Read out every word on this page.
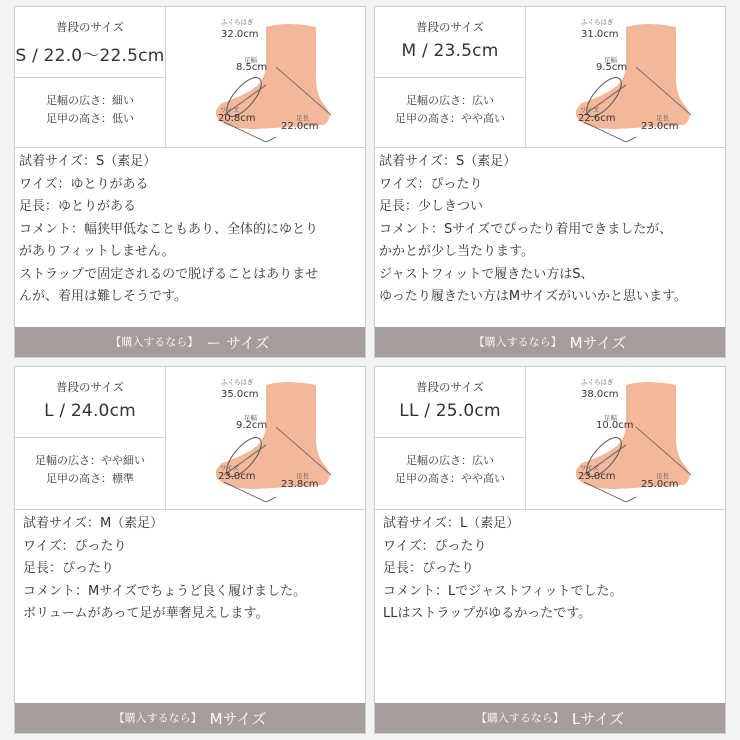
普段のサイズ
S / 22.0〜22.5cm
足幅の広さ：細い
足甲の高さ：低い
ふくらはぎ
32.0cm
足幅
8.5cm
ワイズ
20.8cm	足長
22.0cm
試着サイズ：S（素足）
ワイズ：ゆとりがある
足長：ゆとりがある
コメント：幅狭甲低なこともあり、全体的にゆとり
がありフィットしません。
ストラップで固定されるので脱げることはありませ
んが、着用は難しそうです。
【購入するなら】 ー サイズ
普段のサイズ
M / 23.5cm
足幅の広さ：広い
足甲の高さ：やや高い
ふくらはぎ
31.0cm
足幅
9.5cm
ワイズ
22.6cm	足長
23.0cm
試着サイズ：S（素足）
ワイズ：ぴったり
足長：少しきつい
コメント：Sサイズでぴったり着用できましたが、
かかとが少し当たります。
ジャストフィットで履きたい方はS、
ゆったり履きたい方はMサイズがいいかと思います。
【購入するなら】 Mサイズ
普段のサイズ
L / 24.0cm
足幅の広さ：やや細い
足甲の高さ：標準
ふくらはぎ
35.0cm
足幅
9.2cm
ワイズ
23.0cm	足長
23.8cm
試着サイズ：M（素足）
ワイズ：ぴったり
足長：ぴったり
コメント：Mサイズでちょうど良く履けました。
ボリュームがあって足が華奢見えします。
【購入するなら】 Mサイズ
普段のサイズ
LL / 25.0cm
足幅の広さ：広い
足甲の高さ：やや高い
ふくらはぎ
38.0cm
足幅
10.0cm
ワイズ
23.0cm	足長
25.0cm
試着サイズ：L（素足）
ワイズ：ぴったり
足長：ぴったり
コメント：Lでジャストフィットでした。
LLはストラップがゆるかったです。
【購入するなら】 Lサイズ
